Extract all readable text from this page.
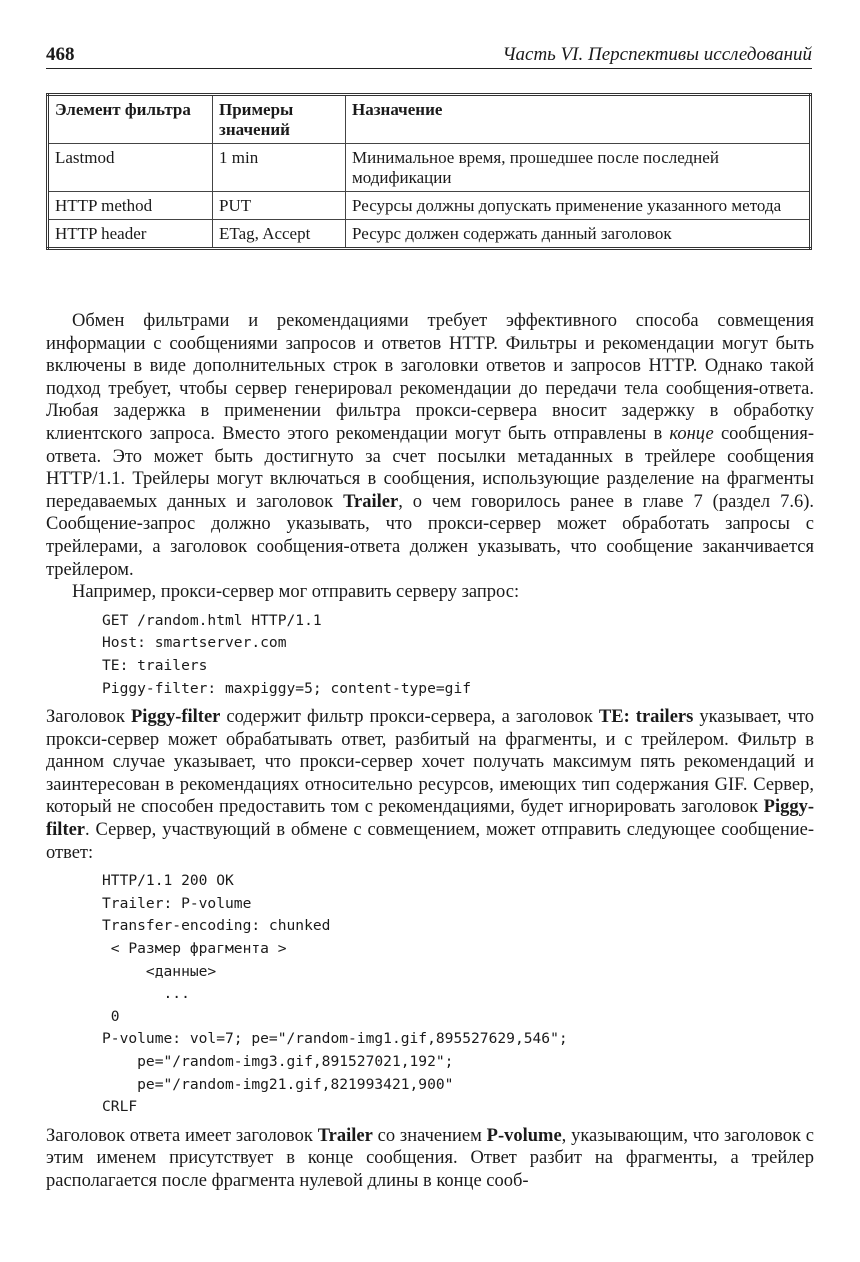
468	Часть VI. Перспективы исследований
Элемент фильтра	Примеры значений	Назначение
Lastmod	1 min	Минимальное время, прошедшее после последней модификации
HTTP method	PUT	Ресурсы должны допускать применение указанного метода
HTTP header	ETag, Accept	Ресурс должен содержать данный заголовок

Обмен фильтрами и рекомендациями требует эффективного способа совмещения информации с сообщениями запросов и ответов HTTP. Фильтры и рекомендации могут быть включены в виде дополнительных строк в заголовки ответов и запросов HTTP. Однако такой подход требует, чтобы сервер генерировал рекомендации до передачи тела сообщения-ответа. Любая задержка в применении фильтра прокси-сервера вносит задержку в обработку клиентского запроса. Вместо этого рекомендации могут быть отправлены в конце сообщения-ответа. Это может быть достигнуто за счет посылки метаданных в трейлере сообщения HTTP/1.1. Трейлеры могут включаться в сообщения, использующие разделение на фрагменты передаваемых данных и заголовок Trailer, о чем говорилось ранее в главе 7 (раздел 7.6). Сообщение-запрос должно указывать, что прокси-сервер может обработать запросы с трейлерами, а заголовок сообщения-ответа должен указывать, что сообщение заканчивается трейлером.

Например, прокси-сервер мог отправить серверу запрос:

GET /random.html HTTP/1.1
Host: smartserver.com
TE: trailers
Piggy-filter: maxpiggy=5; content-type=gif

Заголовок Piggy-filter содержит фильтр прокси-сервера, а заголовок TE: trailers указывает, что прокси-сервер может обрабатывать ответ, разбитый на фрагменты, и с трейлером. Фильтр в данном случае указывает, что прокси-сервер хочет получать максимум пять рекомендаций и заинтересован в рекомендациях относительно ресурсов, имеющих тип содержания GIF. Сервер, который не способен предоставить том с рекомендациями, будет игнорировать заголовок Piggy-filter. Сервер, участвующий в обмене с совмещением, может отправить следующее сообщение-ответ:

HTTP/1.1 200 OK
Trailer: P-volume
Transfer-encoding: chunked
< Размер фрагмента >
<данные>
...
0
P-volume: vol=7; pe="/random-img1.gif,895527629,546";
pe="/random-img3.gif,891527021,192";
pe="/random-img21.gif,821993421,900"
CRLF

Заголовок ответа имеет заголовок Trailer со значением P-volume, указывающим, что заголовок с этим именем присутствует в конце сообщения. Ответ разбит на фрагменты, а трейлер располагается после фрагмента нулевой длины в конце сооб-
